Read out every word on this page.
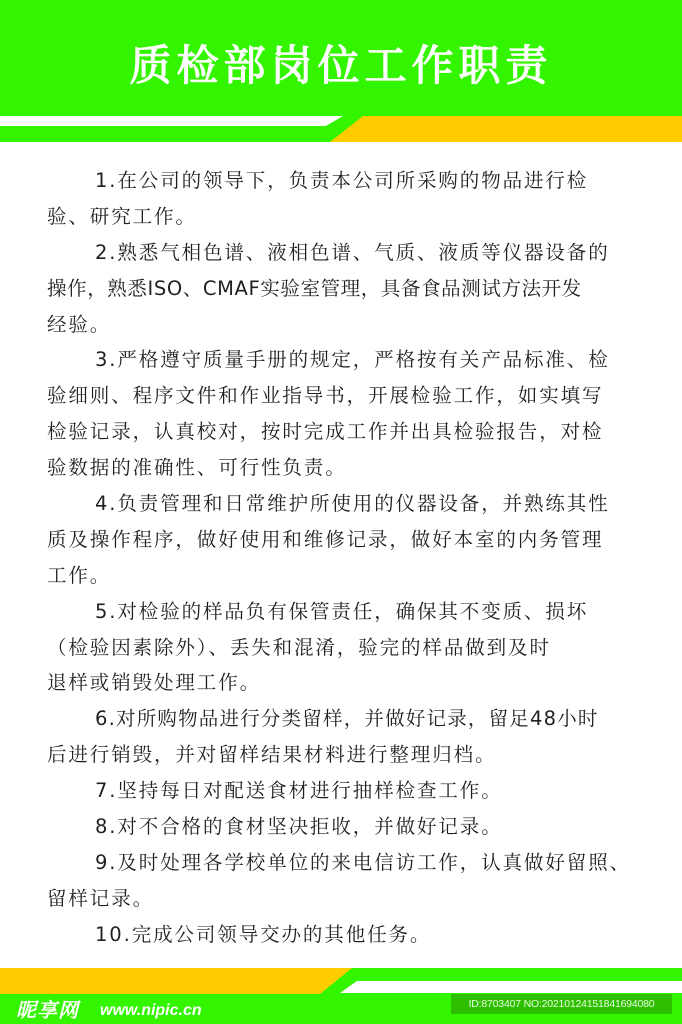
质检部岗位工作职责
1.在公司的领导下，负责本公司所采购的物品进行检
验、研究工作。
2.熟悉气相色谱、液相色谱、气质、液质等仪器设备的
操作，熟悉ISO、CMAF实验室管理，具备食品测试方法开发
经验。
3.严格遵守质量手册的规定，严格按有关产品标准、检
验细则、程序文件和作业指导书，开展检验工作，如实填写
检验记录，认真校对，按时完成工作并出具检验报告，对检
验数据的准确性、可行性负责。
4.负责管理和日常维护所使用的仪器设备，并熟练其性
质及操作程序，做好使用和维修记录，做好本室的内务管理
工作。
5.对检验的样品负有保管责任，确保其不变质、损坏
（检验因素除外）、丢失和混淆，验完的样品做到及时
退样或销毁处理工作。
6.对所购物品进行分类留样，并做好记录，留足48小时
后进行销毁，并对留样结果材料进行整理归档。
7.坚持每日对配送食材进行抽样检查工作。
8.对不合格的食材坚决拒收，并做好记录。
9.及时处理各学校单位的来电信访工作，认真做好留照、
留样记录。
10.完成公司领导交办的其他任务。
昵享网 www.nipic.cn	ID:8703407 NO:20210124151841694080
